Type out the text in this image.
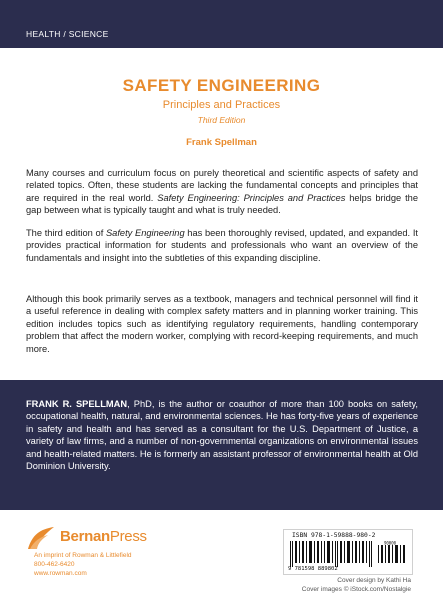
HEALTH / SCIENCE
SAFETY ENGINEERING
Principles and Practices
Third Edition
Frank Spellman

Many courses and curriculum focus on purely theoretical and scientific aspects of safety and related topics. Often, these students are lacking the fundamental concepts and principles that are required in the real world. Safety Engineering: Principles and Practices helps bridge the gap between what is typically taught and what is truly needed.

The third edition of Safety Engineering has been thoroughly revised, updated, and expanded. It provides practical information for students and professionals who want an overview of the fundamentals and insight into the subtleties of this expanding discipline.

Although this book primarily serves as a textbook, managers and technical personnel will find it a useful reference in dealing with complex safety matters and in planning worker training. This edition includes topics such as identifying regulatory requirements, handling contemporary problem that affect the modern worker, complying with record-keeping requirements, and much more.

FRANK R. SPELLMAN, PhD, is the author or coauthor of more than 100 books on safety, occupational health, natural, and environmental sciences. He has forty-five years of experience in safety and health and has served as a consultant for the U.S. Department of Justice, a variety of law firms, and a number of non-governmental organizations on environmental issues and health-related matters. He is formerly an assistant professor of environmental health at Old Dominion University.

BernanPress
An imprint of Rowman & Littlefield
800-462-6420
www.rowman.com
ISBN 978-1-59888-980-2
90000
9 781598 889802
Cover design by Kathi Ha
Cover images © iStock.com/Nostalgie
